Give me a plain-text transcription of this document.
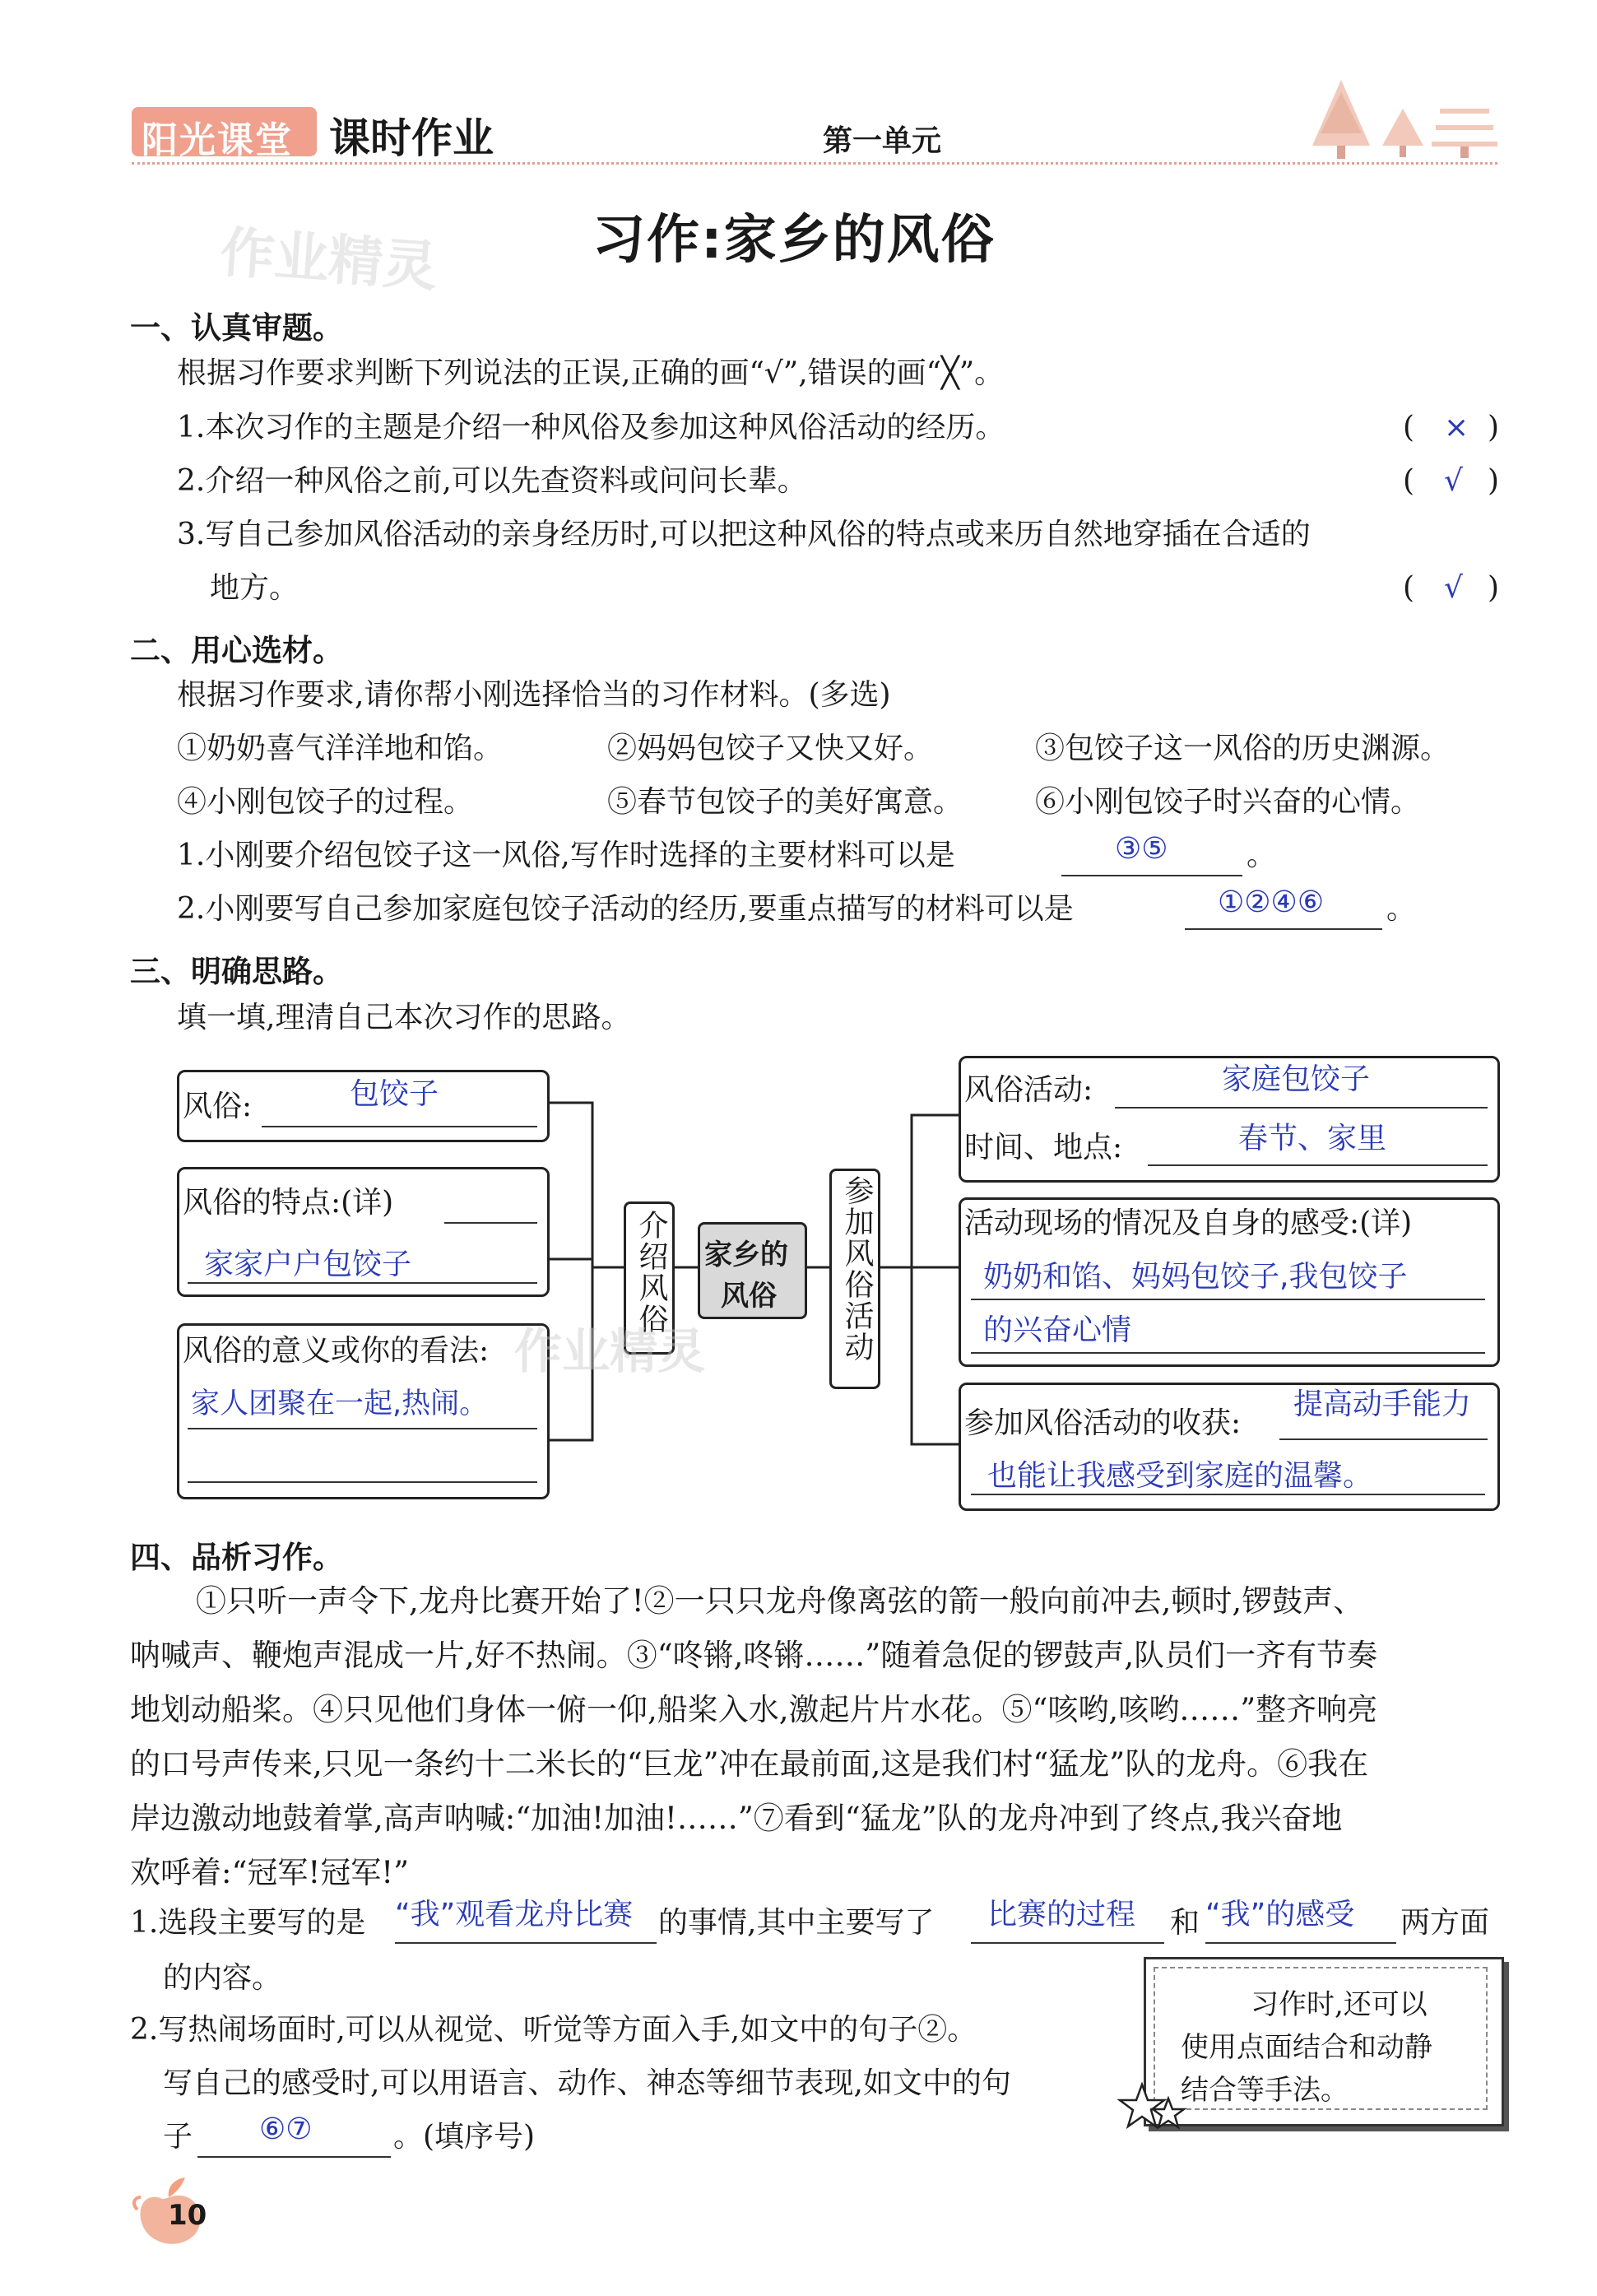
阳光课堂 课时作业	第一单元
作业精灵	习作:家乡的风俗
一、认真审题。
根据习作要求判断下列说法的正误,正确的画“√”,错误的画“╳”。
1.本次习作的主题是介绍一种风俗及参加这种风俗活动的经历。	( × )
2.介绍一种风俗之前,可以先查资料或问问长辈。	( √ )
3.写自己参加风俗活动的亲身经历时,可以把这种风俗的特点或来历自然地穿插在合适的
地方。	( √ )
二、用心选材。
根据习作要求,请你帮小刚选择恰当的习作材料。(多选)
①奶奶喜气洋洋地和馅。	②妈妈包饺子又快又好。	③包饺子这一风俗的历史渊源。
④小刚包饺子的过程。	⑤春节包饺子的美好寓意。 ⑥小刚包饺子时兴奋的心情。
1.小刚要介绍包饺子这一风俗,写作时选择的主要材料可以是	③⑤	。
2.小刚要写自己参加家庭包饺子活动的经历,要重点描写的材料可以是	①②④⑥ 。
三、明确思路。
填一填,理清自己本次习作的思路。
风俗:	包饺子
风俗的特点:(详)
家家户户包饺子
风俗的意义或你的看法:
家人团聚在一起,热闹。
介绍风俗 家乡的
风俗 参加风俗活动
风俗活动:	家庭包饺子
时间、地点:	春节、家里
活动现场的情况及自身的感受:(详)
奶奶和馅、妈妈包饺子,我包饺子
的兴奋心情
参加风俗活动的收获:
提高动手能力
也能让我感受到家庭的温馨。
作业精灵
四、品析习作。

①只听一声令下,龙舟比赛开始了!②一只只龙舟像离弦的箭一般向前冲去,顿时,锣鼓声、

呐喊声、鞭炮声混成一片,好不热闹。③“咚锵,咚锵……”随着急促的锣鼓声,队员们一齐有节奏

地划动船桨。④只见他们身体一俯一仰,船桨入水,激起片片水花。⑤“咳哟,咳哟……”整齐响亮

的口号声传来,只见一条约十二米长的“巨龙”冲在最前面,这是我们村“猛龙”队的龙舟。⑥我在

岸边激动地鼓着掌,高声呐喊:“加油!加油!……”⑦看到“猛龙”队的龙舟冲到了终点,我兴奋地

欢呼着:“冠军!冠军!”

1.选段主要写的是 “我”观看龙舟比赛 的事情,其中主要写了 比赛的过程 和 “我”的感受 两方面
的内容。
2.写热闹场面时,可以从视觉、听觉等方面入手,如文中的句子②。
写自己的感受时,可以用语言、动作、神态等细节表现,如文中的句
子 ⑥⑦	。(填序号)
习作时,还可以
使用点面结合和动静
结合等手法。
10
